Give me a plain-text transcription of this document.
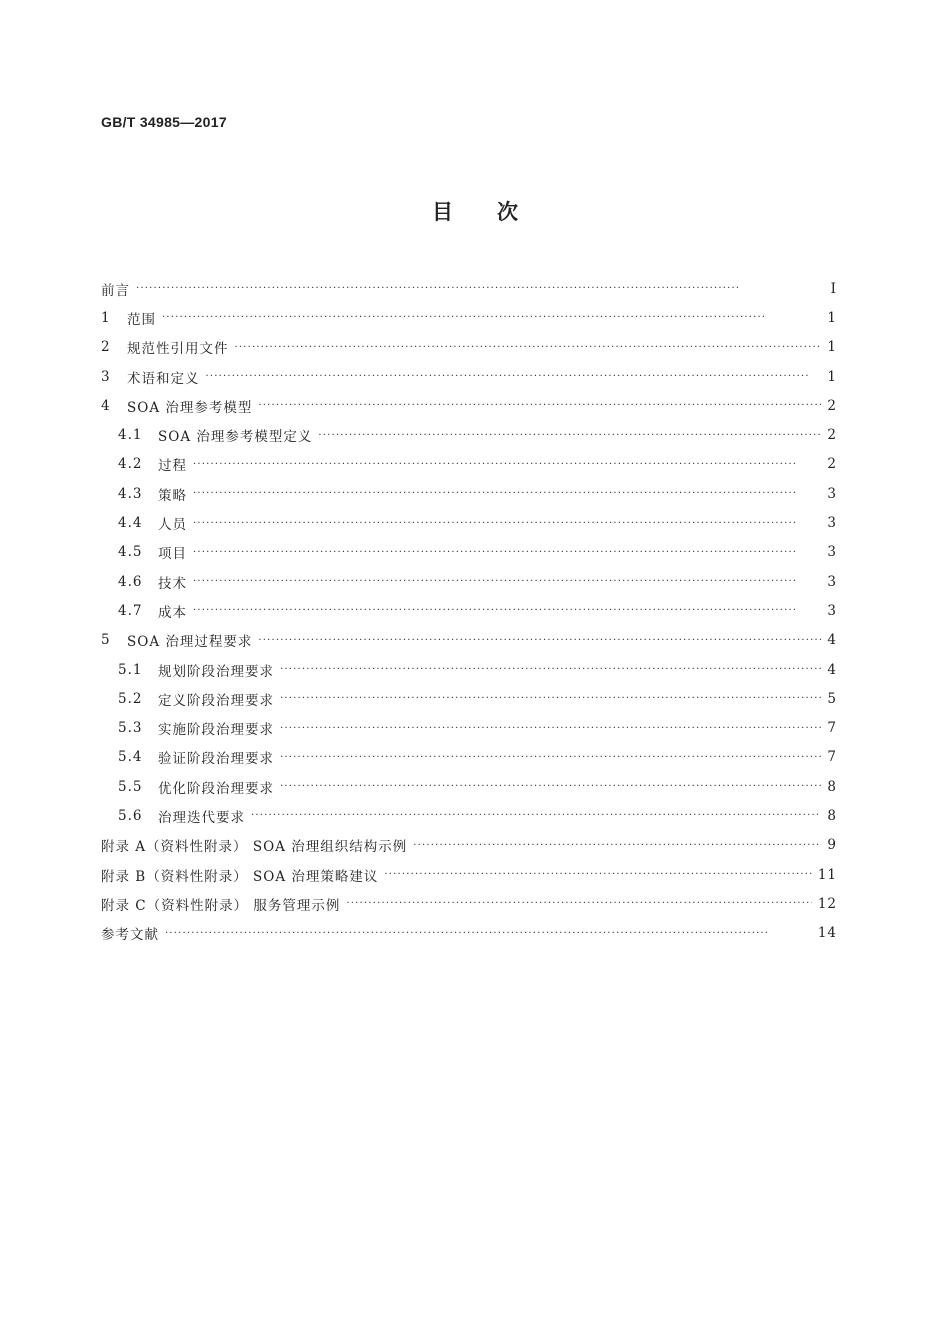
GB/T 34985—2017
目 次
前言 ·····	Ⅰ
1	范围 ·····	1
2	规范性引用文件 ·····	1
3	术语和定义 ·····	1
4	SOA 治理参考模型 ·····	2
4.1	SOA 治理参考模型定义 ·····	2
4.2	过程 ·····	2
4.3	策略 ·····	3
4.4	人员 ·····	3
4.5	项目 ·····	3
4.6	技术 ·····	3
4.7	成本 ·····	3
5	SOA 治理过程要求 ·····	4
5.1	规划阶段治理要求 ·····	4
5.2	定义阶段治理要求 ·····	5
5.3	实施阶段治理要求 ·····	7
5.4	验证阶段治理要求 ·····	7
5.5	优化阶段治理要求 ·····	8
5.6	治理迭代要求 ·····	8
附录 A（资料性附录） SOA 治理组织结构示例 ·····	9
附录 B（资料性附录） SOA 治理策略建议 ·····	11
附录 C（资料性附录） 服务管理示例 ·····	12
参考文献 ·····	14
